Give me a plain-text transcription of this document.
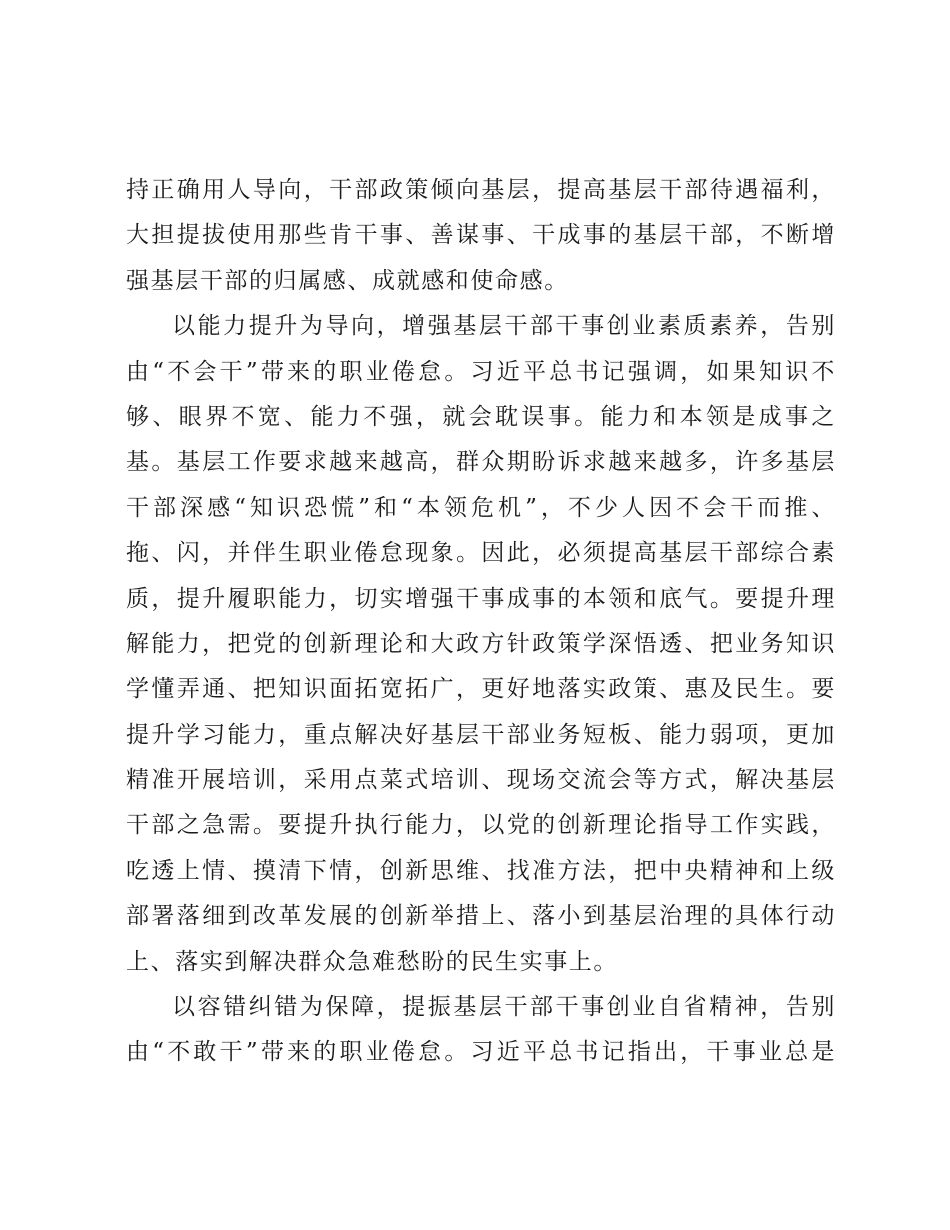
持正确用人导向，干部政策倾向基层，提高基层干部待遇福利，
大担提拔使用那些肯干事、善谋事、干成事的基层干部，不断增
强基层干部的归属感、成就感和使命感。
以能力提升为导向，增强基层干部干事创业素质素养，告别
由“不会干”带来的职业倦怠。习近平总书记强调，如果知识不
够、眼界不宽、能力不强，就会耽误事。能力和本领是成事之
基。基层工作要求越来越高，群众期盼诉求越来越多，许多基层
干部深感“知识恐慌”和“本领危机”，不少人因不会干而推、
拖、闪，并伴生职业倦怠现象。因此，必须提高基层干部综合素
质，提升履职能力，切实增强干事成事的本领和底气。要提升理
解能力，把党的创新理论和大政方针政策学深悟透、把业务知识
学懂弄通、把知识面拓宽拓广，更好地落实政策、惠及民生。要
提升学习能力，重点解决好基层干部业务短板、能力弱项，更加
精准开展培训，采用点菜式培训、现场交流会等方式，解决基层
干部之急需。要提升执行能力，以党的创新理论指导工作实践，
吃透上情、摸清下情，创新思维、找准方法，把中央精神和上级
部署落细到改革发展的创新举措上、落小到基层治理的具体行动
上、落实到解决群众急难愁盼的民生实事上。
以容错纠错为保障，提振基层干部干事创业自省精神，告别
由“不敢干”带来的职业倦怠。习近平总书记指出，干事业总是
